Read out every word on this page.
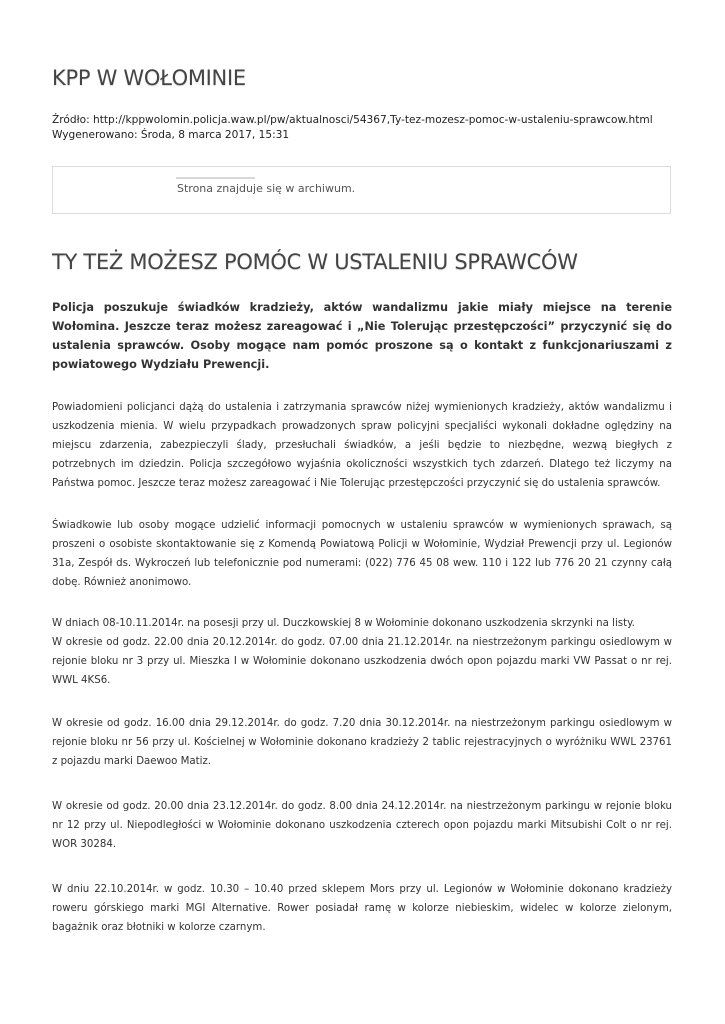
KPP W WOŁOMINIE
Źródło: http://kppwolomin.policja.waw.pl/pw/aktualnosci/54367,Ty-tez-mozesz-pomoc-w-ustaleniu-sprawcow.html
Wygenerowano: Środa, 8 marca 2017, 15:31
Strona znajduje się w archiwum.
TY TEŻ MOŻESZ POMÓC W USTALENIU SPRAWCÓW

Policja poszukuje świadków kradzieży, aktów wandalizmu jakie miały miejsce na terenie Wołomina. Jeszcze teraz możesz zareagować i „Nie Tolerując przestępczości” przyczynić się do ustalenia sprawców. Osoby mogące nam pomóc proszone są o kontakt z funkcjonariuszami z powiatowego Wydziału Prewencji.

Powiadomieni policjanci dążą do ustalenia i zatrzymania sprawców niżej wymienionych kradzieży, aktów wandalizmu i uszkodzenia mienia. W wielu przypadkach prowadzonych spraw policyjni specjaliści wykonali dokładne oględziny na miejscu zdarzenia, zabezpieczyli ślady, przesłuchali świadków, a jeśli będzie to niezbędne, wezwą biegłych z potrzebnych im dziedzin. Policja szczegółowo wyjaśnia okoliczności wszystkich tych zdarzeń. Dlatego też liczymy na Państwa pomoc. Jeszcze teraz możesz zareagować i Nie Tolerując przestępczości przyczynić się do ustalenia sprawców.

Świadkowie lub osoby mogące udzielić informacji pomocnych w ustaleniu sprawców w wymienionych sprawach, są proszeni o osobiste skontaktowanie się z Komendą Powiatową Policji w Wołominie, Wydział Prewencji przy ul. Legionów 31a, Zespół ds. Wykroczeń lub telefonicznie pod numerami: (022) 776 45 08 wew. 110 i 122 lub 776 20 21 czynny całą dobę. Również anonimowo.

W dniach 08-10.11.2014r. na posesji przy ul. Duczkowskiej 8 w Wołominie dokonano uszkodzenia skrzynki na listy.
W okresie od godz. 22.00 dnia 20.12.2014r. do godz. 07.00 dnia 21.12.2014r. na niestrzeżonym parkingu osiedlowym w rejonie bloku nr 3 przy ul. Mieszka I w Wołominie dokonano uszkodzenia dwóch opon pojazdu marki VW Passat o nr rej. WWL 4KS6.

W okresie od godz. 16.00 dnia 29.12.2014r. do godz. 7.20 dnia 30.12.2014r. na niestrzeżonym parkingu osiedlowym w rejonie bloku nr 56 przy ul. Kościelnej w Wołominie dokonano kradzieży 2 tablic rejestracyjnych o wyróżniku WWL 23761 z pojazdu marki Daewoo Matiz.

W okresie od godz. 20.00 dnia 23.12.2014r. do godz. 8.00 dnia 24.12.2014r. na niestrzeżonym parkingu w rejonie bloku nr 12 przy ul. Niepodległości w Wołominie dokonano uszkodzenia czterech opon pojazdu marki Mitsubishi Colt o nr rej. WOR 30284.

W dniu 22.10.2014r. w godz. 10.30 – 10.40 przed sklepem Mors przy ul. Legionów w Wołominie dokonano kradzieży roweru górskiego marki MGI Alternative. Rower posiadał ramę w kolorze niebieskim, widelec w kolorze zielonym, bagażnik oraz błotniki w kolorze czarnym.
